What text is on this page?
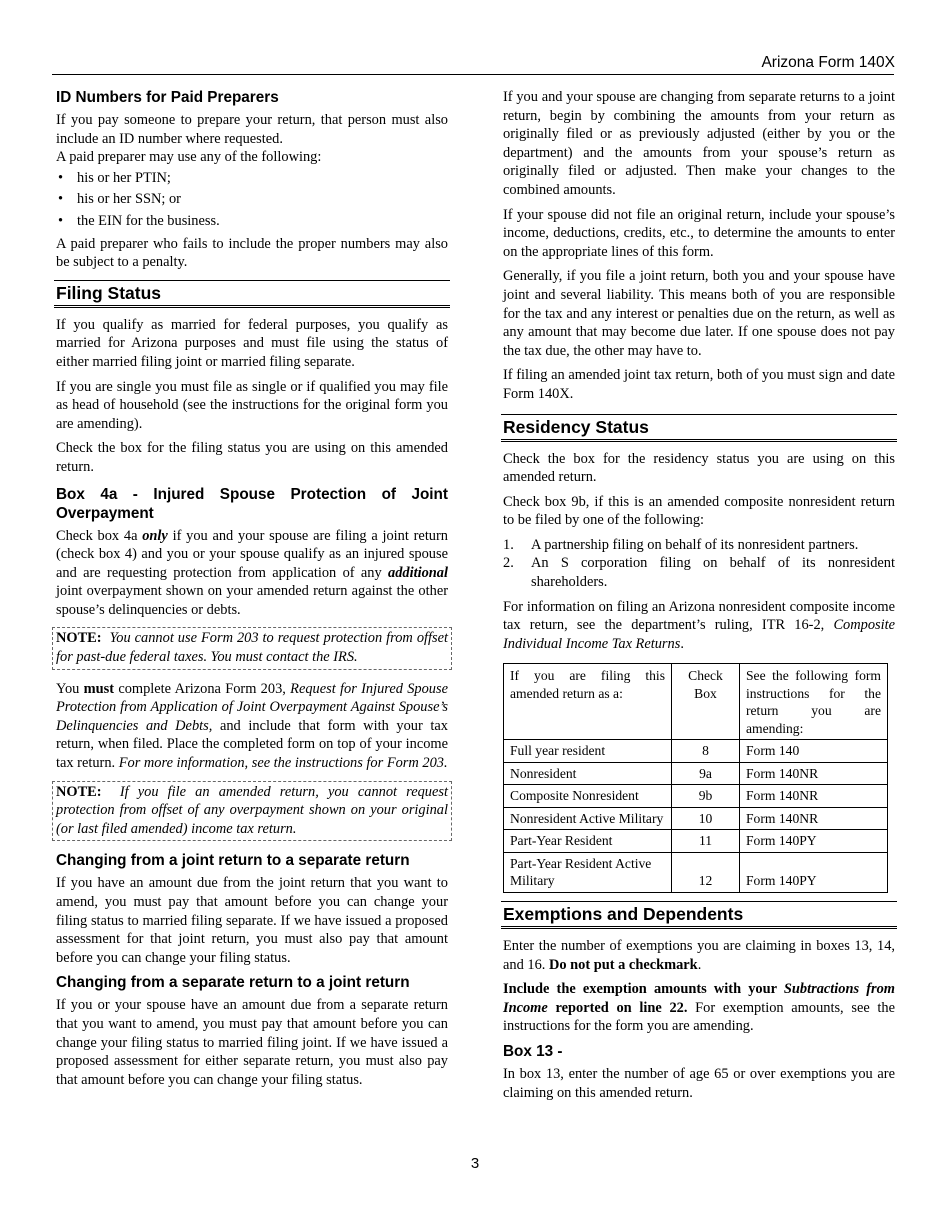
Arizona Form 140X
ID Numbers for Paid Preparers

If you pay someone to prepare your return, that person must also include an ID number where requested.

A paid preparer may use any of the following:

• his or her PTIN;
• his or her SSN; or
• the EIN for the business.

A paid preparer who fails to include the proper numbers may also be subject to a penalty.

Filing Status

If you qualify as married for federal purposes, you qualify as married for Arizona purposes and must file using the status of either married filing joint or married filing separate.

If you are single you must file as single or if qualified you may file as head of household (see the instructions for the original form you are amending).

Check the box for the filing status you are using on this amended return.

Box 4a - Injured Spouse Protection of Joint Overpayment

Check box 4a only if you and your spouse are filing a joint return (check box 4) and you or your spouse qualify as an injured spouse and are requesting protection from application of any additional joint overpayment shown on your amended return against the other spouse’s delinquencies or debts.

NOTE: You cannot use Form 203 to request protection from offset for past-due federal taxes. You must contact the IRS.

You must complete Arizona Form 203, Request for Injured Spouse Protection from Application of Joint Overpayment Against Spouse’s Delinquencies and Debts, and include that form with your tax return, when filed. Place the completed form on top of your income tax return. For more information, see the instructions for Form 203.

NOTE: If you file an amended return, you cannot request protection from offset of any overpayment shown on your original (or last filed amended) income tax return.
Changing from a joint return to a separate return

If you have an amount due from the joint return that you want to amend, you must pay that amount before you can change your filing status to married filing separate. If we have issued a proposed assessment for that joint return, you must also pay that amount before you can change your filing status.

Changing from a separate return to a joint return

If you or your spouse have an amount due from a separate return that you want to amend, you must pay that amount before you can change your filing status to married filing joint. If we have issued a proposed assessment for either separate return, you must also pay that amount before you can change your filing status.

If you and your spouse are changing from separate returns to a joint return, begin by combining the amounts from your return as originally filed or as previously adjusted (either by you or the department) and the amounts from your spouse’s return as originally filed or adjusted. Then make your changes to the combined amounts.

If your spouse did not file an original return, include your spouse’s income, deductions, credits, etc., to determine the amounts to enter on the appropriate lines of this form.

Generally, if you file a joint return, both you and your spouse have joint and several liability. This means both of you are responsible for the tax and any interest or penalties due on the return, as well as any amount that may become due later. If one spouse does not pay the tax due, the other may have to.

If filing an amended joint tax return, both of you must sign and date Form 140X.

Residency Status

Check the box for the residency status you are using on this amended return.

Check box 9b, if this is an amended composite nonresident return to be filed by one of the following:

1. A partnership filing on behalf of its nonresident partners.
2. An S corporation filing on behalf of its nonresident shareholders.

For information on filing an Arizona nonresident composite income tax return, see the department’s ruling, ITR 16-2, Composite Individual Income Tax Returns.

If you are filing this amended return as a:	Check Box	See the following form instructions for the return you are amending:
Full year resident	8	Form 140
Nonresident	9a	Form 140NR
Composite Nonresident	9b	Form 140NR
Nonresident Active Military	10	Form 140NR
Part-Year Resident	11	Form 140PY
Part-Year Resident Active Military	12	Form 140PY
Exemptions and Dependents

Enter the number of exemptions you are claiming in boxes 13, 14, and 16. Do not put a checkmark.

Include the exemption amounts with your Subtractions from Income reported on line 22. For exemption amounts, see the instructions for the form you are amending.

Box 13 -

In box 13, enter the number of age 65 or over exemptions you are claiming on this amended return.

3
